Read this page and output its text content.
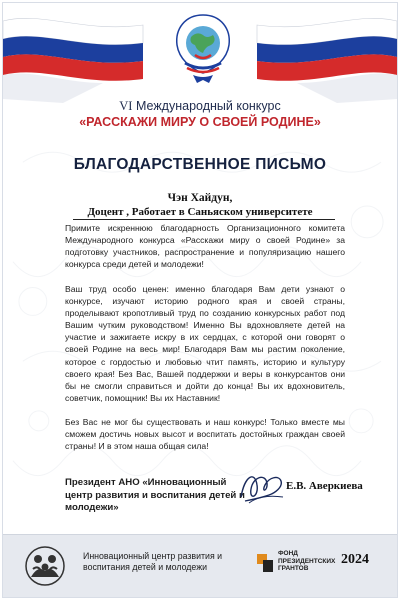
VI Международный конкурс
«РАССКАЖИ МИРУ О СВОЕЙ РОДИНЕ»
БЛАГОДАРСТВЕННОЕ ПИСЬМО
Чэн Хайдун,
Доцент , Работает в Саньяском университете
Примите искреннюю благодарность Организационного комитета Международного конкурса «Расскажи миру о своей Родине» за подготовку участников, распространение и популяризацию нашего конкурса среди детей и молодежи!
Ваш труд особо ценен: именно благодаря Вам дети узнают о конкурсе, изучают историю родного края и своей страны, проделывают кропотливый труд по созданию конкурсных работ под Вашим чутким руководством! Именно Вы вдохновляете детей на участие и зажигаете искру в их сердцах, с которой они говорят о своей Родине на весь мир! Благодаря Вам мы растим поколение, которое с гордостью и любовью чтит память, историю и культуру своего края! Без Вас, Вашей поддержки и веры в конкурсантов они бы не смогли справиться и дойти до конца! Вы их вдохновитель, советчик, помощник! Вы их Наставник!
Без Вас не мог бы существовать и наш конкурс! Только вместе мы сможем достичь новых высот и воспитать достойных граждан своей страны! И в этом наша общая сила!
Президент АНО «Инновационный центр развития и воспитания детей и молодежи»
Е.В. Аверкиева
Инновационный центр развития и воспитания детей и молодежи
ФОНД
ПРЕЗИДЕНТСКИХ
ГРАНТОВ
2024
